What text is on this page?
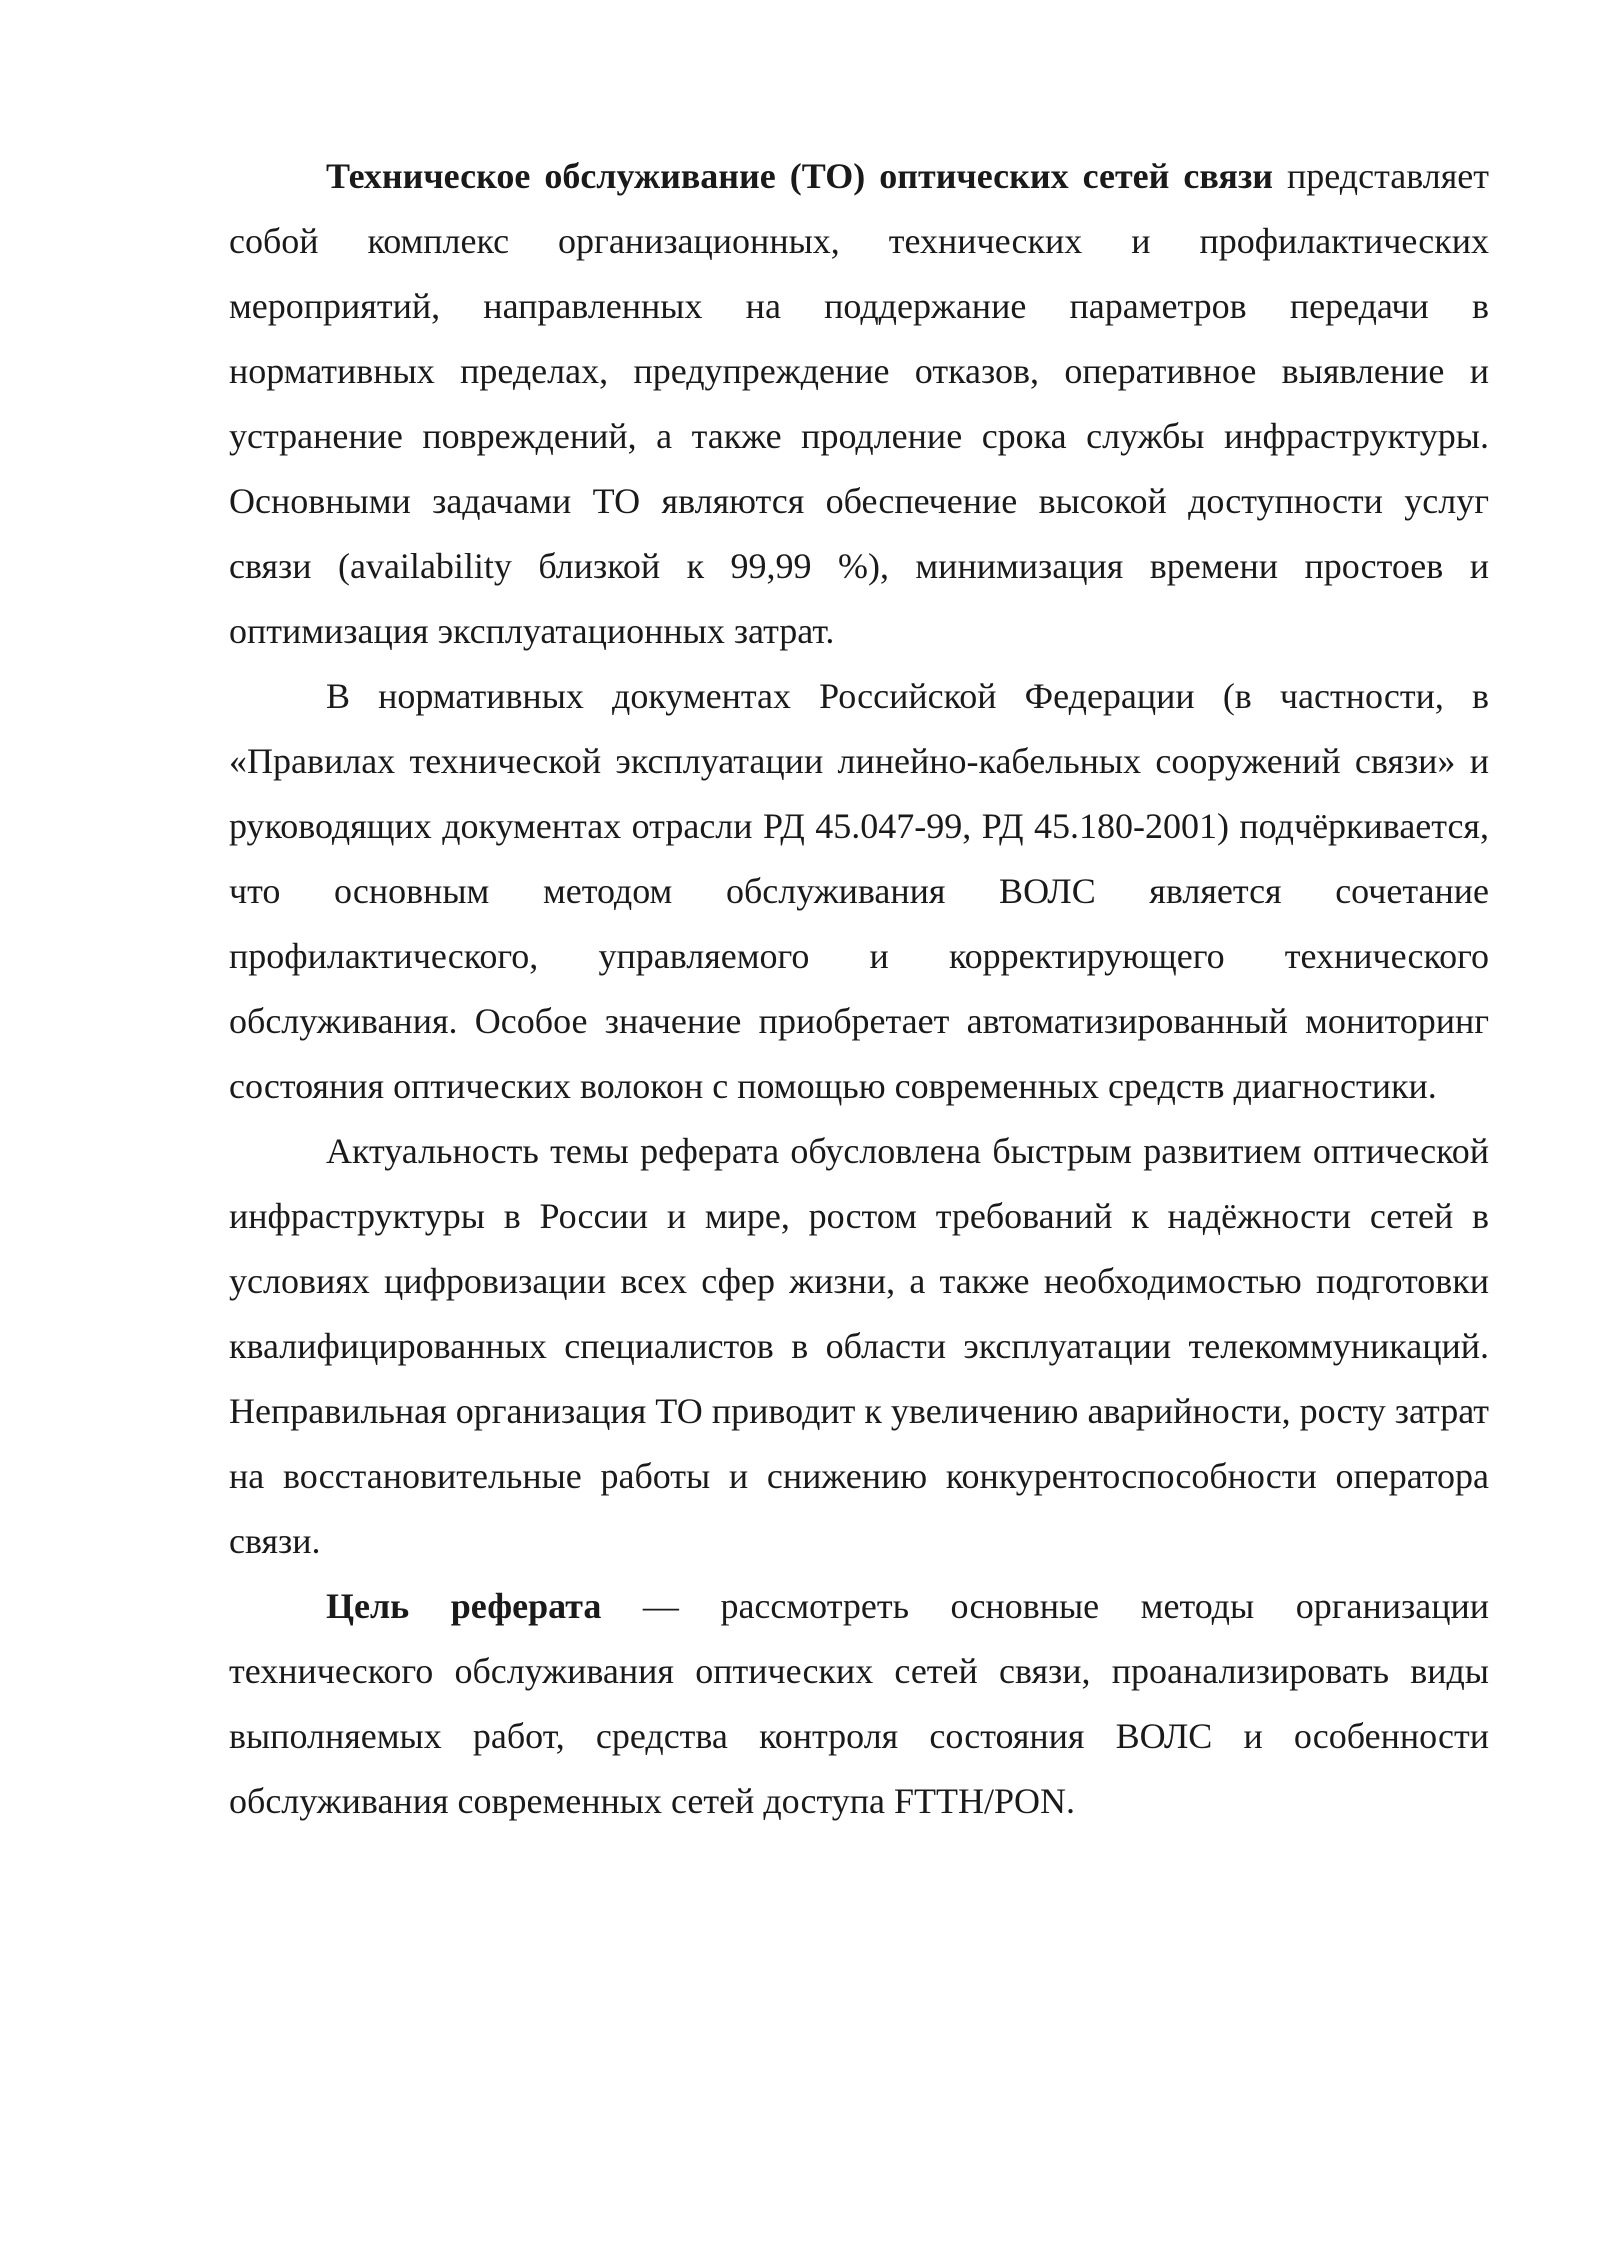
Техническое обслуживание (ТО) оптических сетей связи представляет собой комплекс организационных, технических и профилактических мероприятий, направленных на поддержание параметров передачи в нормативных пределах, предупреждение отказов, оперативное выявление и устранение повреждений, а также продление срока службы инфраструктуры. Основными задачами ТО являются обеспечение высокой доступности услуг связи (availability близкой к 99,99 %), минимизация времени простоев и оптимизация эксплуатационных затрат.

В нормативных документах Российской Федерации (в частности, в «Правилах технической эксплуатации линейно-кабельных сооружений связи» и руководящих документах отрасли РД 45.047-99, РД 45.180-2001) подчёркивается, что основным методом обслуживания ВОЛС является сочетание профилактического, управляемого и корректирующего технического обслуживания. Особое значение приобретает автоматизированный мониторинг состояния оптических волокон с помощью современных средств диагностики.

Актуальность темы реферата обусловлена быстрым развитием оптической инфраструктуры в России и мире, ростом требований к надёжности сетей в условиях цифровизации всех сфер жизни, а также необходимостью подготовки квалифицированных специалистов в области эксплуатации телекоммуникаций. Неправильная организация ТО приводит к увеличению аварийности, росту затрат на восстановительные работы и снижению конкурентоспособности оператора связи.

Цель реферата — рассмотреть основные методы организации технического обслуживания оптических сетей связи, проанализировать виды выполняемых работ, средства контроля состояния ВОЛС и особенности обслуживания современных сетей доступа FTTH/PON.
